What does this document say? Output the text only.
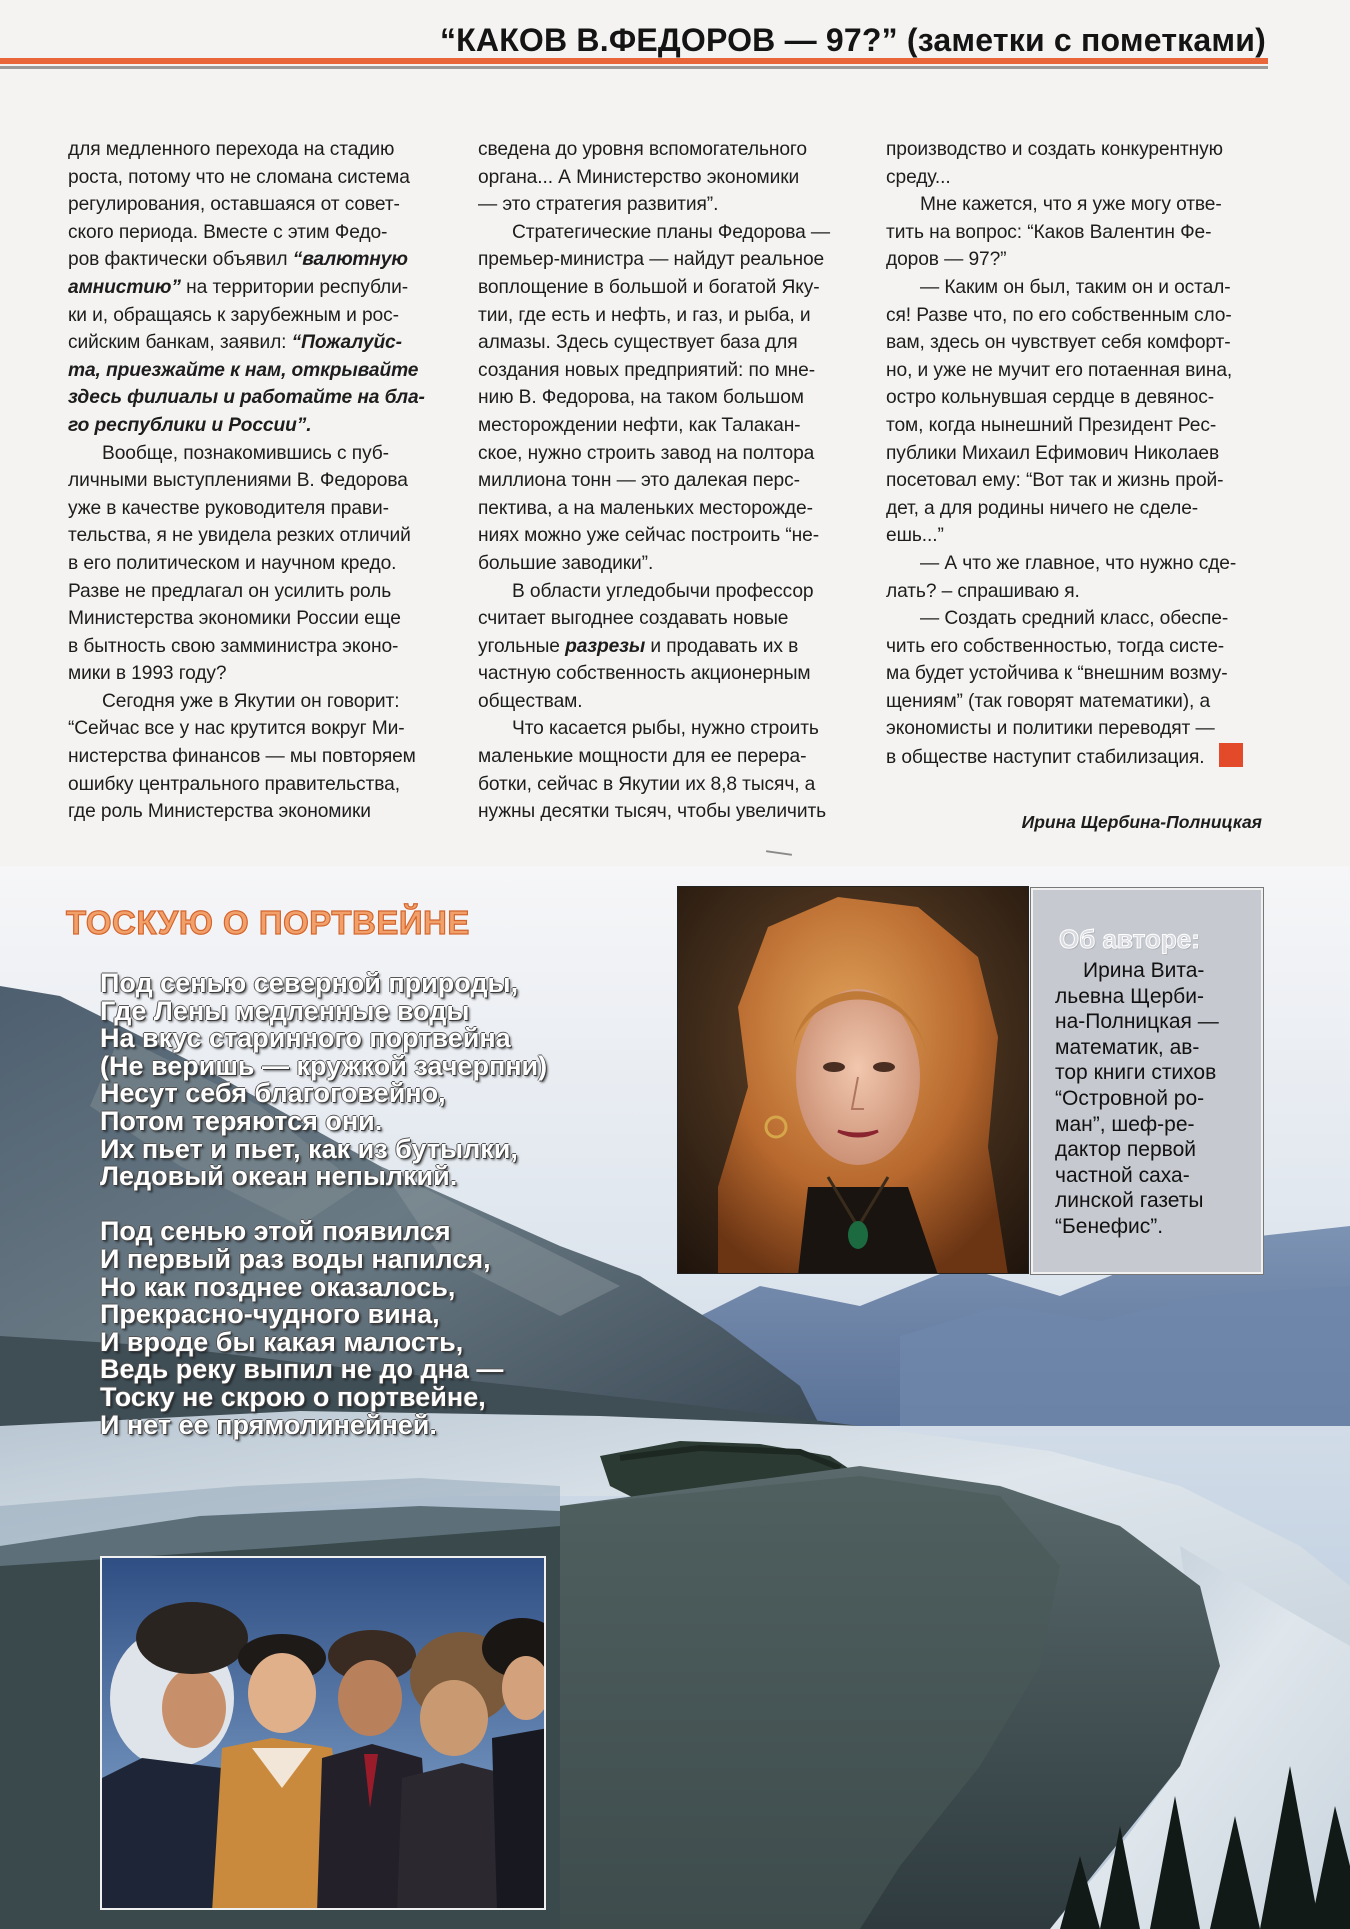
“КАКОВ В.ФЕДОРОВ — 97?” (заметки с пометками)

для медленного перехода на стадию

роста, потому что не сломана система

регулирования, оставшаяся от совет-

ского периода. Вместе с этим Федо-

ров фактически объявил “валютную

амнистию” на территории республи-

ки и, обращаясь к зарубежным и рос-

сийским банкам, заявил: “Пожалуйс-

та, приезжайте к нам, открывайте

здесь филиалы и работайте на бла-

го республики и России”.

Вообще, познакомившись с пуб-

личными выступлениями В. Федорова

уже в качестве руководителя прави-

тельства, я не увидела резких отличий

в его политическом и научном кредо.

Разве не предлагал он усилить роль

Министерства экономики России еще

в бытность свою замминистра эконо-

мики в 1993 году?

Сегодня уже в Якутии он говорит:

“Сейчас все у нас крутится вокруг Ми-

нистерства финансов — мы повторяем

ошибку центрального правительства,

где роль Министерства экономики

сведена до уровня вспомогательного

органа... А Министерство экономики

— это стратегия развития”.

Стратегические планы Федорова —

премьер-министра — найдут реальное

воплощение в большой и богатой Яку-

тии, где есть и нефть, и газ, и рыба, и

алмазы. Здесь существует база для

создания новых предприятий: по мне-

нию В. Федорова, на таком большом

месторождении нефти, как Талакан-

ское, нужно строить завод на полтора

миллиона тонн — это далекая перс-

пектива, а на маленьких месторожде-

ниях можно уже сейчас построить “не-

большие заводики”.

В области угледобычи профессор

считает выгоднее создавать новые

угольные разрезы и продавать их в

частную собственность акционерным

обществам.

Что касается рыбы, нужно строить

маленькие мощности для ее перера-

ботки, сейчас в Якутии их 8,8 тысяч, а

нужны десятки тысяч, чтобы увеличить

производство и создать конкурентную

среду...

Мне кажется, что я уже могу отве-

тить на вопрос: “Каков Валентин Фе-

доров — 97?”

— Каким он был, таким он и остал-

ся! Разве что, по его собственным сло-

вам, здесь он чувствует себя комфорт-

но, и уже не мучит его потаенная вина,

остро кольнувшая сердце в девянос-

том, когда нынешний Президент Рес-

публики Михаил Ефимович Николаев

посетовал ему: “Вот так и жизнь прой-

дет, а для родины ничего не сделе-

ешь...”

— А что же главное, что нужно сде-

лать? – спрашиваю я.

— Создать средний класс, обеспе-

чить его собственностью, тогда систе-

ма будет устойчива к “внешним возму-

щениям” (так говорят математики), а

экономисты и политики переводят —

в обществе наступит стабилизация.

Ирина Щербина-Полницкая
ТОСКУЮ О ПОРТВЕЙНЕ
Под сенью северной природы,
Где Лены медленные воды
На вкус старинного портвейна
(Не веришь — кружкой зачерпни)
Несут себя благоговейно,
Потом теряются они.
Их пьет и пьет, как из бутылки,
Ледовый океан непылкий.
Под сенью этой появился
И первый раз воды напился,
Но как позднее оказалось,
Прекрасно-чудного вина,
И вроде бы какая малость,
Ведь реку выпил не до дна —
Тоску не скрою о портвейне,
И нет ее прямолинейней.
Об авторе:
Ирина Вита-
льевна Щерби-
на-Полницкая —
математик, ав-
тор книги стихов
“Островной ро-
ман”, шеф-ре-
дактор первой
частной саха-
линской газеты
“Бенефис”.
